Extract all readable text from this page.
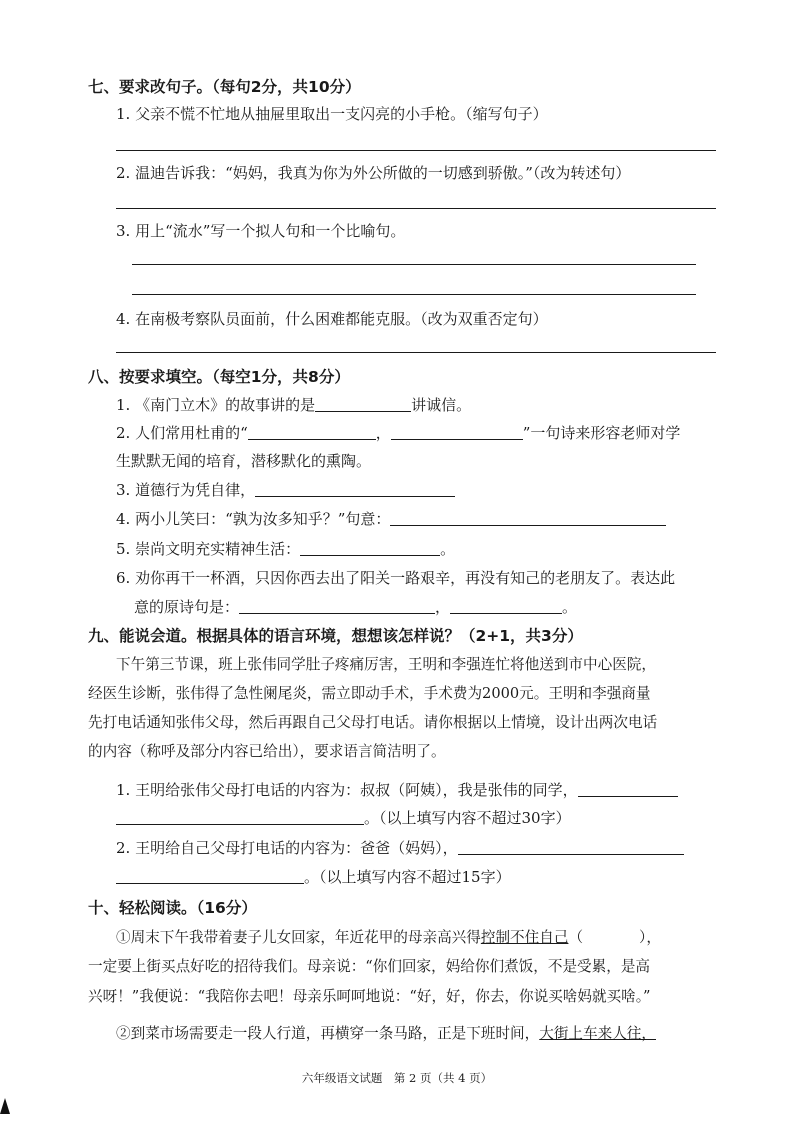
七、要求改句子。（每句2分，共10分）
1. 父亲不慌不忙地从抽屉里取出一支闪亮的小手枪。（缩写句子）
2. 温迪告诉我：“妈妈，我真为你为外公所做的一切感到骄傲。”（改为转述句）
3. 用上“流水”写一个拟人句和一个比喻句。
4. 在南极考察队员面前，什么困难都能克服。（改为双重否定句）
八、按要求填空。（每空1分，共8分）
1. 《南门立木》的故事讲的是	讲诚信。
2. 人们常用杜甫的“	，	”一句诗来形容老师对学
生默默无闻的培育，潜移默化的熏陶。
3. 道德行为凭自律，
4. 两小儿笑曰：“孰为汝多知乎？”句意：
5. 崇尚文明充实精神生活：	。
6. 劝你再干一杯酒，只因你西去出了阳关一路艰辛，再没有知己的老朋友了。表达此
意的原诗句是：	，	。
九、能说会道。根据具体的语言环境，想想该怎样说？（2+1，共3分）
下午第三节课，班上张伟同学肚子疼痛厉害，王明和李强连忙将他送到市中心医院，
经医生诊断，张伟得了急性阑尾炎，需立即动手术，手术费为2000元。王明和李强商量
先打电话通知张伟父母，然后再跟自己父母打电话。请你根据以上情境，设计出两次电话
的内容（称呼及部分内容已给出），要求语言简洁明了。
1. 王明给张伟父母打电话的内容为：叔叔（阿姨），我是张伟的同学，
。（以上填写内容不超过30字）
2. 王明给自己父母打电话的内容为：爸爸（妈妈），
。（以上填写内容不超过15字）
十、轻松阅读。（16分）
①周末下午我带着妻子儿女回家，年近花甲的母亲高兴得控制不住自己（	），
一定要上街买点好吃的招待我们。母亲说：“你们回家，妈给你们煮饭，不是受累，是高
兴呀！”我便说：“我陪你去吧！母亲乐呵呵地说：“好，好，你去，你说买啥妈就买啥。”
②到菜市场需要走一段人行道，再横穿一条马路，正是下班时间，大街上车来人往，
六年级语文试题　第 2 页（共 4 页）
